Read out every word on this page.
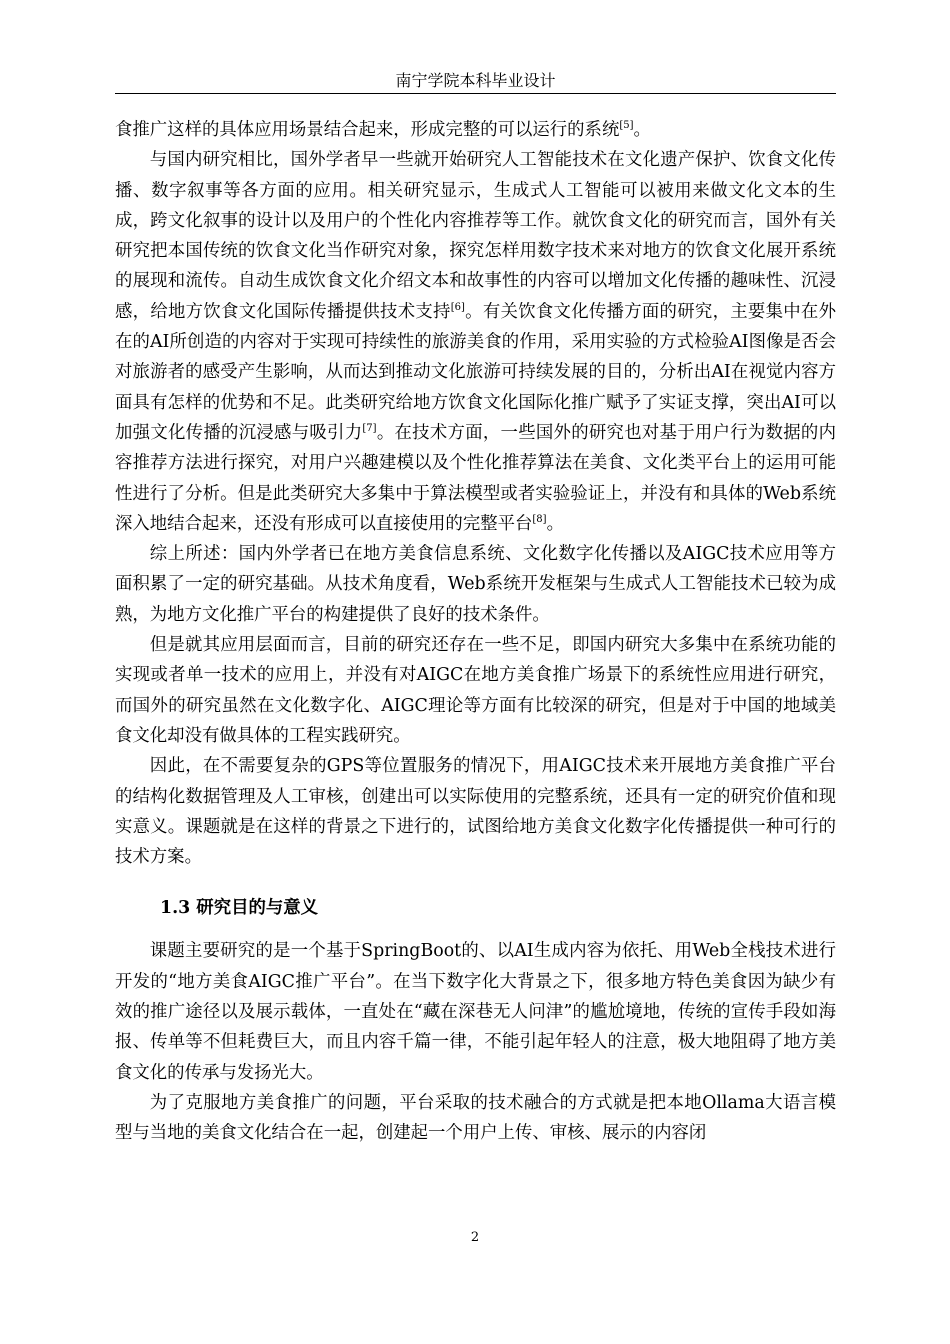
南宁学院本科毕业设计

食推广这样的具体应用场景结合起来，形成完整的可以运行的系统[5]。

与国内研究相比，国外学者早一些就开始研究人工智能技术在文化遗产保护、饮食文化传播、数字叙事等各方面的应用。相关研究显示，生成式人工智能可以被用来做文化文本的生成，跨文化叙事的设计以及用户的个性化内容推荐等工作。就饮食文化的研究而言，国外有关研究把本国传统的饮食文化当作研究对象，探究怎样用数字技术来对地方的饮食文化展开系统的展现和流传。自动生成饮食文化介绍文本和故事性的内容可以增加文化传播的趣味性、沉浸感，给地方饮食文化国际传播提供技术支持[6]。有关饮食文化传播方面的研究，主要集中在外在的AI所创造的内容对于实现可持续性的旅游美食的作用，采用实验的方式检验AI图像是否会对旅游者的感受产生影响，从而达到推动文化旅游可持续发展的目的，分析出AI在视觉内容方面具有怎样的优势和不足。此类研究给地方饮食文化国际化推广赋予了实证支撑，突出AI可以加强文化传播的沉浸感与吸引力[7]。在技术方面，一些国外的研究也对基于用户行为数据的内容推荐方法进行探究，对用户兴趣建模以及个性化推荐算法在美食、文化类平台上的运用可能性进行了分析。但是此类研究大多集中于算法模型或者实验验证上，并没有和具体的Web系统深入地结合起来，还没有形成可以直接使用的完整平台[8]。

综上所述：国内外学者已在地方美食信息系统、文化数字化传播以及AIGC技术应用等方面积累了一定的研究基础。从技术角度看，Web系统开发框架与生成式人工智能技术已较为成熟，为地方文化推广平台的构建提供了良好的技术条件。

但是就其应用层面而言，目前的研究还存在一些不足，即国内研究大多集中在系统功能的实现或者单一技术的应用上，并没有对AIGC在地方美食推广场景下的系统性应用进行研究，而国外的研究虽然在文化数字化、AIGC理论等方面有比较深的研究，但是对于中国的地域美食文化却没有做具体的工程实践研究。

因此，在不需要复杂的GPS等位置服务的情况下，用AIGC技术来开展地方美食推广平台的结构化数据管理及人工审核，创建出可以实际使用的完整系统，还具有一定的研究价值和现实意义。课题就是在这样的背景之下进行的，试图给地方美食文化数字化传播提供一种可行的技术方案。

1.3 研究目的与意义

课题主要研究的是一个基于SpringBoot的、以AI生成内容为依托、用Web全栈技术进行开发的“地方美食AIGC推广平台”。在当下数字化大背景之下，很多地方特色美食因为缺少有效的推广途径以及展示载体，一直处在“藏在深巷无人问津”的尴尬境地，传统的宣传手段如海报、传单等不但耗费巨大，而且内容千篇一律，不能引起年轻人的注意，极大地阻碍了地方美食文化的传承与发扬光大。

为了克服地方美食推广的问题，平台采取的技术融合的方式就是把本地Ollama大语言模型与当地的美食文化结合在一起，创建起一个用户上传、审核、展示的内容闭

2
